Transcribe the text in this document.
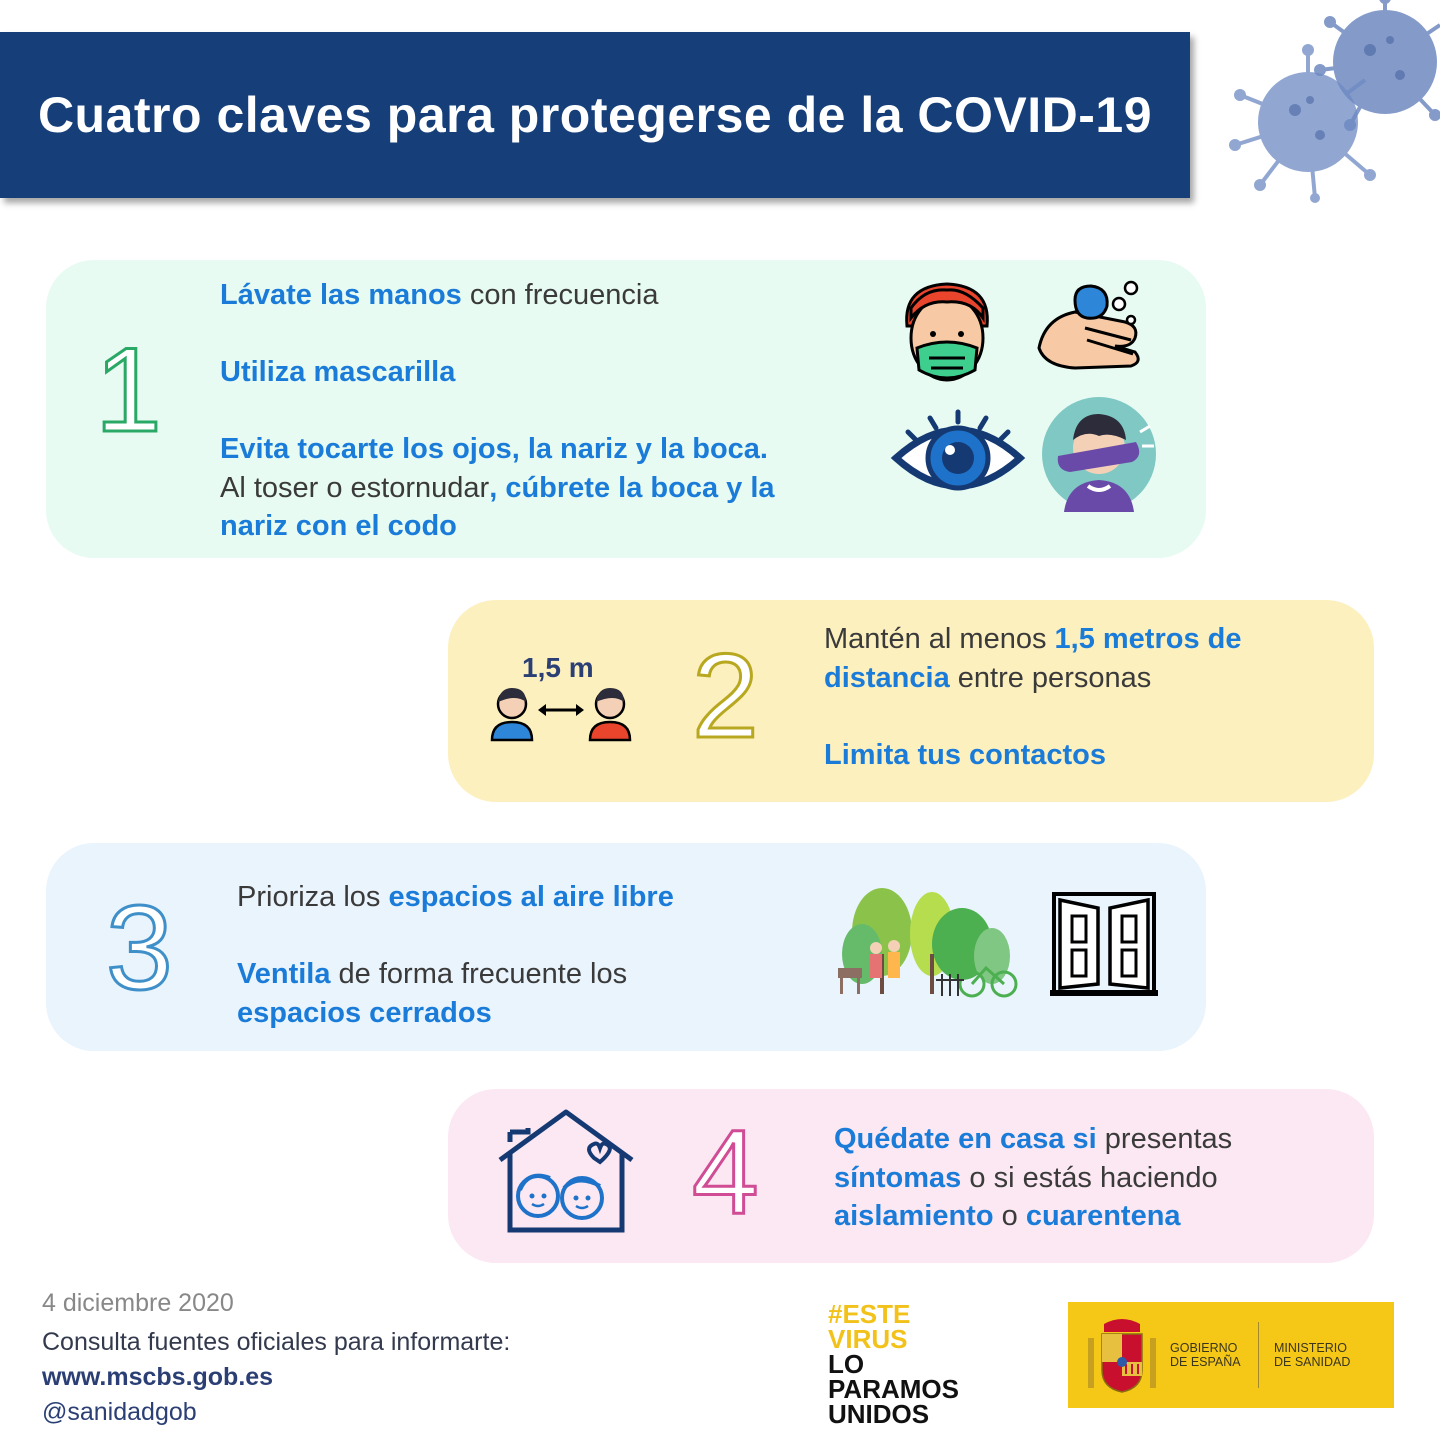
Cuatro claves para protegerse de la COVID-19
1

Lávate las manos con frecuencia

Utiliza mascarilla

Evita tocarte los ojos, la nariz y la boca.

Al toser o estornudar, cúbrete la boca y la

nariz con el codo

2
1,5 m

Mantén al menos 1,5 metros de

distancia entre personas

Limita tus contactos

3 Prioriza los espacios al aire libre

Ventila de forma frecuente los

espacios cerrados

4	Quédate en casa si presentas

síntomas o si estás haciendo

aislamiento o cuarentena

4 diciembre 2020
Consulta fuentes oficiales para informarte:
www.mscbs.gob.es
@sanidadgob
#ESTE
VIRUS
LO
PARAMOS
UNIDOS
GOBIERNO
DE ESPAÑA
MINISTERIO
DE SANIDAD
